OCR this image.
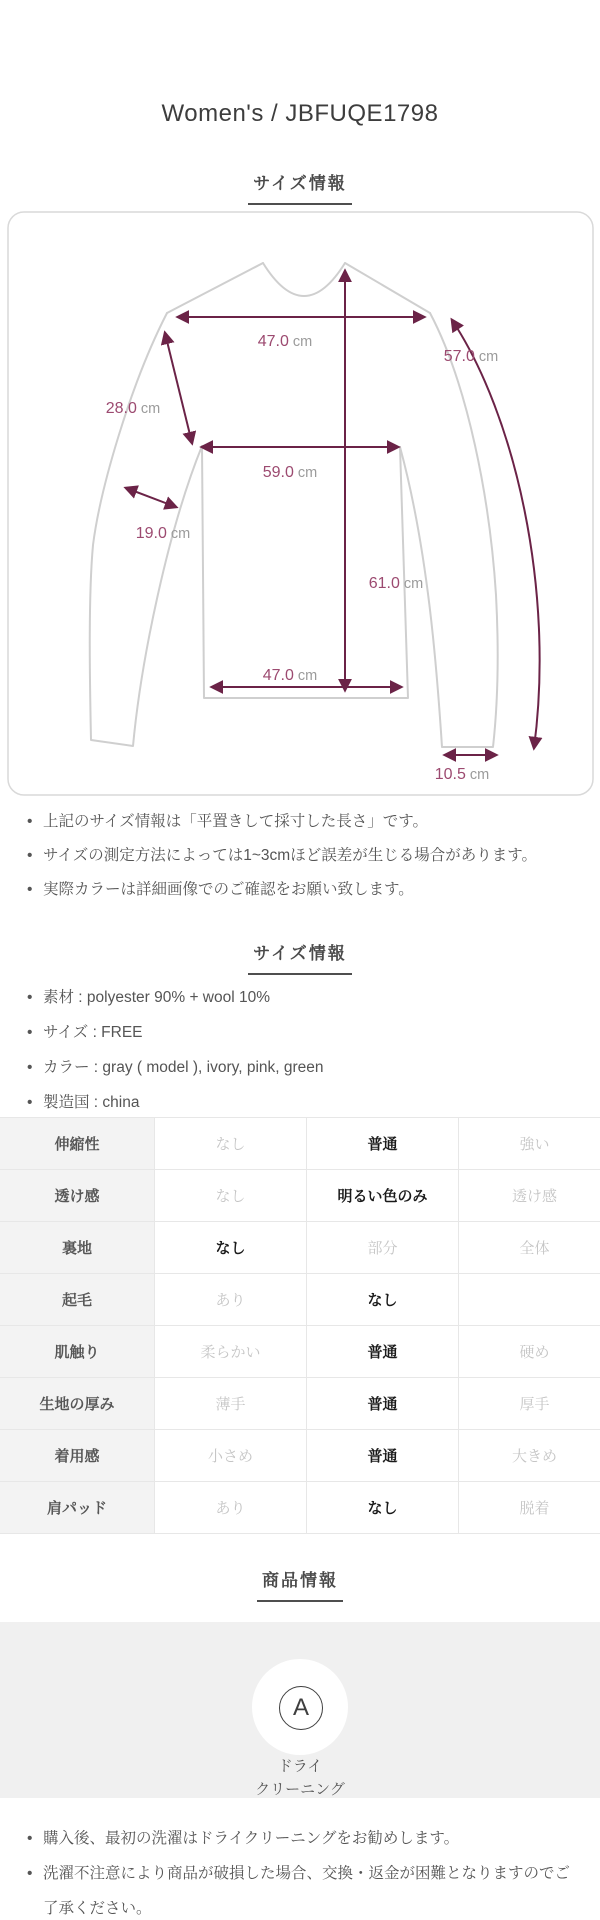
Women's / JBFUQE1798
サイズ情報
47.0 cm
57.0 cm
28.0 cm
59.0 cm
19.0 cm
61.0 cm
47.0 cm
10.5 cm
• 上記のサイズ情報は「平置きして採寸した長さ」です。
• サイズの測定方法によっては1~3cmほど誤差が生じる場合があります。
• 実際カラーは詳細画像でのご確認をお願い致します。
サイズ情報
• 素材 : polyester 90% + wool 10%
• サイズ : FREE
• カラー : gray ( model ), ivory, pink, green
• 製造国 : china
伸縮性	なし	普通	強い
透け感	なし	明るい色のみ	透け感
裏地	なし	部分	全体
起毛	あり	なし	
肌触り	柔らかい	普通	硬め
生地の厚み	薄手	普通	厚手
着用感	小さめ	普通	大きめ
肩パッド	あり	なし	脱着
商品情報
A
ドライ
クリーニング
• 購入後、最初の洗濯はドライクリーニングをお勧めします。
• 洗濯不注意により商品が破損した場合、交換・返金が困難となりますのでご了承ください。
